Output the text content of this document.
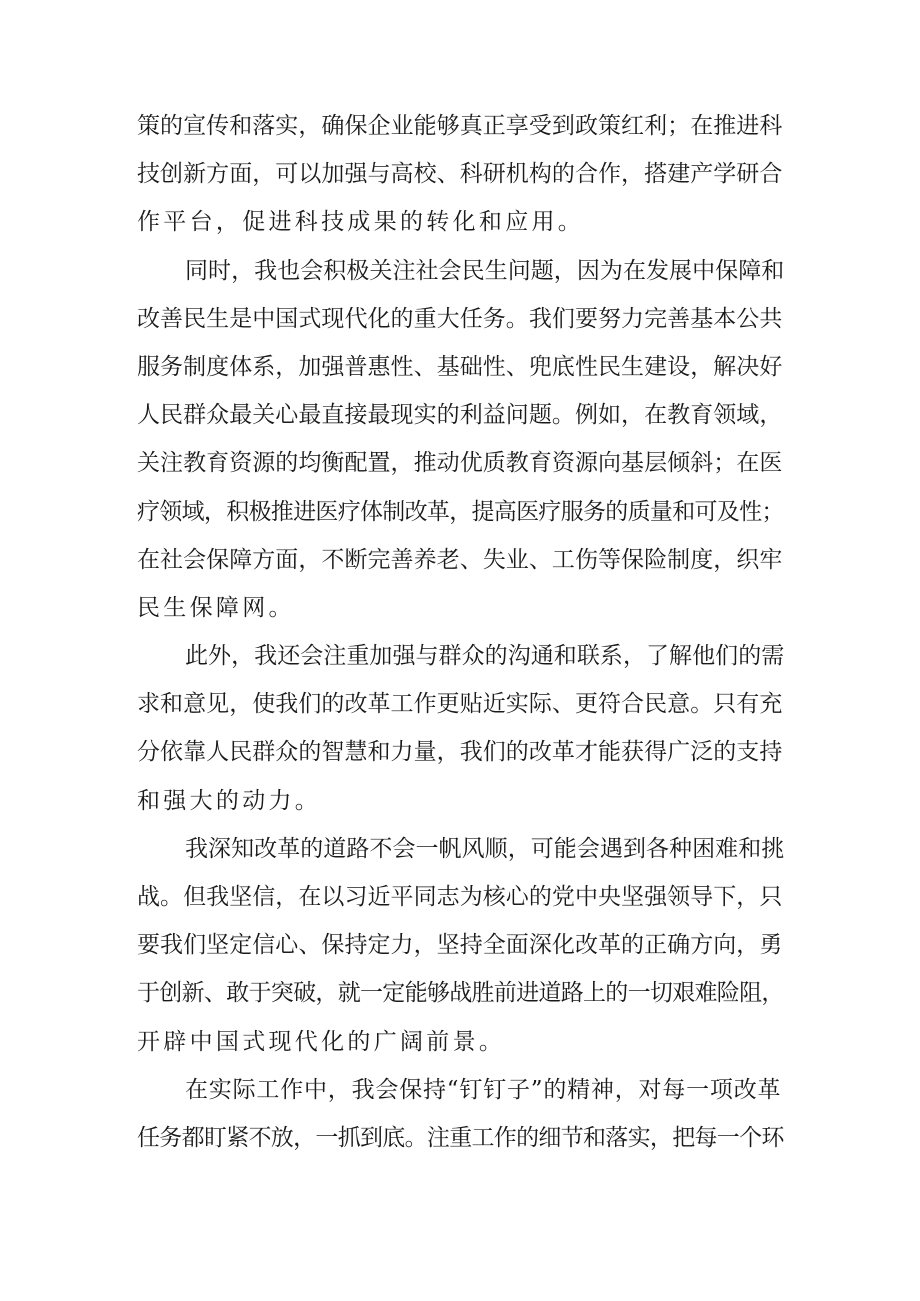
策的宣传和落实，确保企业能够真正享受到政策红利；在推进科
技创新方面，可以加强与高校、科研机构的合作，搭建产学研合
作平台，促进科技成果的转化和应用。
同时，我也会积极关注社会民生问题，因为在发展中保障和
改善民生是中国式现代化的重大任务。我们要努力完善基本公共
服务制度体系，加强普惠性、基础性、兜底性民生建设，解决好
人民群众最关心最直接最现实的利益问题。例如，在教育领域，
关注教育资源的均衡配置，推动优质教育资源向基层倾斜；在医
疗领域，积极推进医疗体制改革，提高医疗服务的质量和可及性；
在社会保障方面，不断完善养老、失业、工伤等保险制度，织牢
民生保障网。
此外，我还会注重加强与群众的沟通和联系，了解他们的需
求和意见，使我们的改革工作更贴近实际、更符合民意。只有充
分依靠人民群众的智慧和力量，我们的改革才能获得广泛的支持
和强大的动力。
我深知改革的道路不会一帆风顺，可能会遇到各种困难和挑
战。但我坚信，在以习近平同志为核心的党中央坚强领导下，只
要我们坚定信心、保持定力，坚持全面深化改革的正确方向，勇
于创新、敢于突破，就一定能够战胜前进道路上的一切艰难险阻，
开辟中国式现代化的广阔前景。
在实际工作中，我会保持“钉钉子”的精神，对每一项改革
任务都盯紧不放，一抓到底。注重工作的细节和落实，把每一个环
